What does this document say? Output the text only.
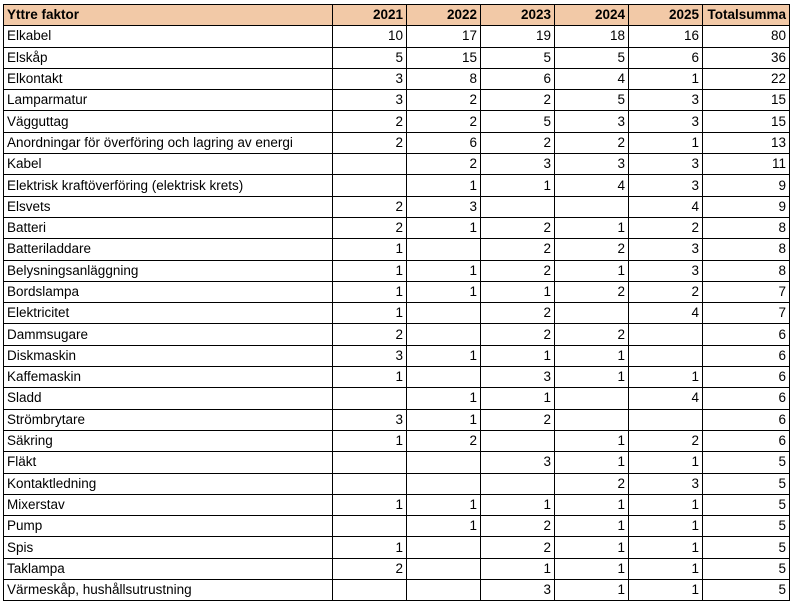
Yttre faktor	2021	2022	2023	2024	2025	Totalsumma
Elkabel	10	17	19	18	16	80
Elskåp	5	15	5	5	6	36
Elkontakt	3	8	6	4	1	22
Lamparmatur	3	2	2	5	3	15
Vägguttag	2	2	5	3	3	15
Anordningar för överföring och lagring av energi	2	6	2	2	1	13
Kabel		2	3	3	3	11
Elektrisk kraftöverföring (elektrisk krets)		1	1	4	3	9
Elsvets	2	3			4	9
Batteri	2	1	2	1	2	8
Batteriladdare	1		2	2	3	8
Belysningsanläggning	1	1	2	1	3	8
Bordslampa	1	1	1	2	2	7
Elektricitet	1		2		4	7
Dammsugare	2		2	2		6
Diskmaskin	3	1	1	1		6
Kaffemaskin	1		3	1	1	6
Sladd		1	1		4	6
Strömbrytare	3	1	2			6
Säkring	1	2		1	2	6
Fläkt			3	1	1	5
Kontaktledning				2	3	5
Mixerstav	1	1	1	1	1	5
Pump		1	2	1	1	5
Spis	1		2	1	1	5
Taklampa	2		1	1	1	5
Värmeskåp, hushållsutrustning			3	1	1	5
